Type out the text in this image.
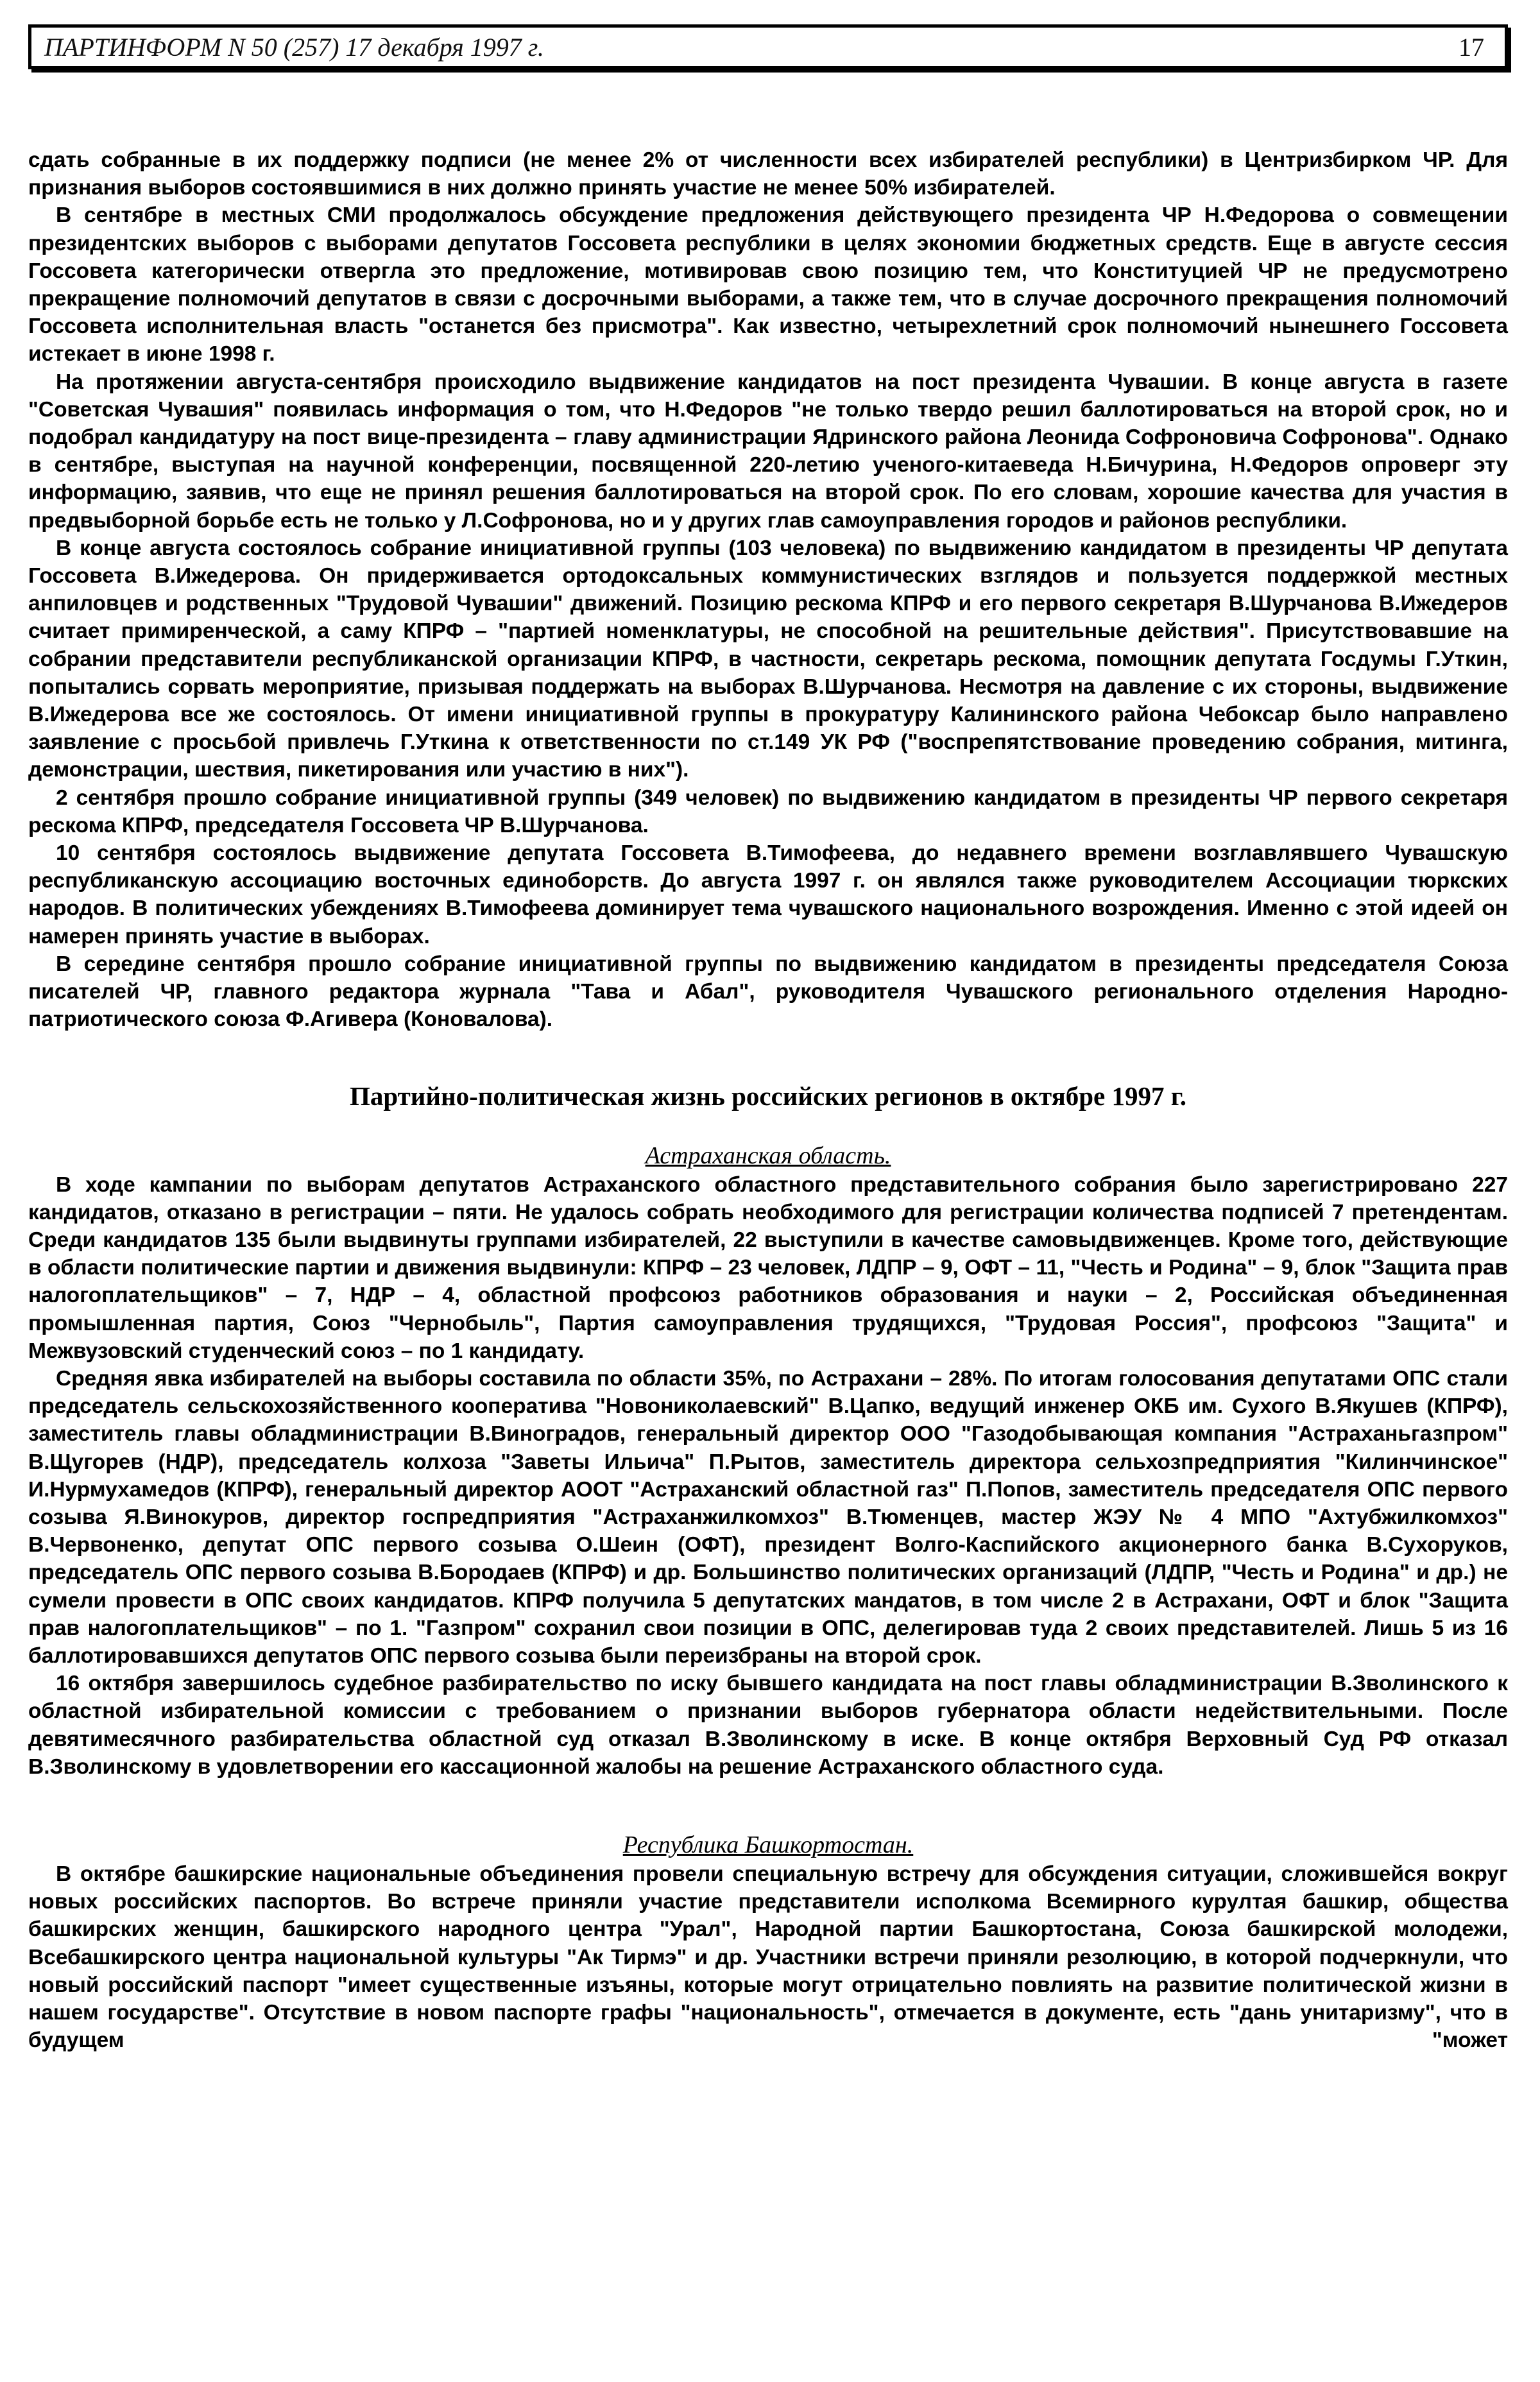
ПАРТИНФОРМ N 50 (257) 17 декабря 1997 г.	17

сдать собранные в их поддержку подписи (не менее 2% от численности всех избирателей республики) в Центризбирком ЧР. Для признания выборов состоявшимися в них должно принять участие не менее 50% избирателей.

В сентябре в местных СМИ продолжалось обсуждение предложения действующего президента ЧР Н.Федорова о совмещении президентских выборов с выборами депутатов Госсовета республики в целях экономии бюджетных средств. Еще в августе сессия Госсовета категорически отвергла это предложение, мотивировав свою позицию тем, что Конституцией ЧР не предусмотрено прекращение полномочий депутатов в связи с досрочными выборами, а также тем, что в случае досрочного прекращения полномочий Госсовета исполнительная власть "останется без присмотра". Как известно, четырехлетний срок полномочий нынешнего Госсовета истекает в июне 1998 г.

На протяжении августа-сентября происходило выдвижение кандидатов на пост президента Чувашии. В конце августа в газете "Советская Чувашия" появилась информация о том, что Н.Федоров "не только твердо решил баллотироваться на второй срок, но и подобрал кандидатуру на пост вице-президента – главу администрации Ядринского района Леонида Софроновича Софронова". Однако в сентябре, выступая на научной конференции, посвященной 220-летию ученого-китаеведа Н.Бичурина, Н.Федоров опроверг эту информацию, заявив, что еще не принял решения баллотироваться на второй срок. По его словам, хорошие качества для участия в предвыборной борьбе есть не только у Л.Софронова, но и у других глав самоуправления городов и районов республики.

В конце августа состоялось собрание инициативной группы (103 человека) по выдвижению кандидатом в президенты ЧР депутата Госсовета В.Ижедерова. Он придерживается ортодоксальных коммунистических взглядов и пользуется поддержкой местных анпиловцев и родственных "Трудовой Чувашии" движений. Позицию рескома КПРФ и его первого секретаря В.Шурчанова В.Ижедеров считает примиренческой, а саму КПРФ – "партией номенклатуры, не способной на решительные действия". Присутствовавшие на собрании представители республиканской организации КПРФ, в частности, секретарь рескома, помощник депутата Госдумы Г.Уткин, попытались сорвать мероприятие, призывая поддержать на выборах В.Шурчанова. Несмотря на давление с их стороны, выдвижение В.Ижедерова все же состоялось. От имени инициативной группы в прокуратуру Калининского района Чебоксар было направлено заявление с просьбой привлечь Г.Уткина к ответственности по ст.149 УК РФ ("воспрепятствование проведению собрания, митинга, демонстрации, шествия, пикетирования или участию в них").

2 сентября прошло собрание инициативной группы (349 человек) по выдвижению кандидатом в президенты ЧР первого секретаря рескома КПРФ, председателя Госсовета ЧР В.Шурчанова.

10 сентября состоялось выдвижение депутата Госсовета В.Тимофеева, до недавнего времени возглавлявшего Чувашскую республиканскую ассоциацию восточных единоборств. До августа 1997 г. он являлся также руководителем Ассоциации тюркских народов. В политических убеждениях В.Тимофеева доминирует тема чувашского национального возрождения. Именно с этой идеей он намерен принять участие в выборах.

В середине сентября прошло собрание инициативной группы по выдвижению кандидатом в президенты председателя Союза писателей ЧР, главного редактора журнала "Тава и Абал", руководителя Чувашского регионального отделения Народно-патриотического союза Ф.Агивера (Коновалова).

Партийно-политическая жизнь российских регионов в октябре 1997 г.
Астраханская область.

В ходе кампании по выборам депутатов Астраханского областного представительного собрания было зарегистрировано 227 кандидатов, отказано в регистрации – пяти. Не удалось собрать необходимого для регистрации количества подписей 7 претендентам. Среди кандидатов 135 были выдвинуты группами избирателей, 22 выступили в качестве самовыдвиженцев. Кроме того, действующие в области политические партии и движения выдвинули: КПРФ – 23 человек, ЛДПР – 9, ОФТ – 11, "Честь и Родина" – 9, блок "Защита прав налогоплательщиков" – 7, НДР – 4, областной профсоюз работников образования и науки – 2, Российская объединенная промышленная партия, Союз "Чернобыль", Партия самоуправления трудящихся, "Трудовая Россия", профсоюз "Защита" и Межвузовский студенческий союз – по 1 кандидату.

Средняя явка избирателей на выборы составила по области 35%, по Астрахани – 28%. По итогам голосования депутатами ОПС стали председатель сельскохозяйственного кооператива "Новониколаевский" В.Цапко, ведущий инженер ОКБ им. Сухого В.Якушев (КПРФ), заместитель главы обладминистрации В.Виноградов, генеральный директор ООО "Газодобывающая компания "Астраханьгазпром" В.Щугорев (НДР), председатель колхоза "Заветы Ильича" П.Рытов, заместитель директора сельхозпредприятия "Килинчинское" И.Нурмухамедов (КПРФ), генеральный директор АООТ "Астраханский областной газ" П.Попов, заместитель председателя ОПС первого созыва Я.Винокуров, директор госпредприятия "Астраханжилкомхоз" В.Тюменцев, мастер ЖЭУ № 4 МПО "Ахтубжилкомхоз" В.Червоненко, депутат ОПС первого созыва О.Шеин (ОФТ), президент Волго-Каспийского акционерного банка В.Сухоруков, председатель ОПС первого созыва В.Бородаев (КПРФ) и др. Большинство политических организаций (ЛДПР, "Честь и Родина" и др.) не сумели провести в ОПС своих кандидатов. КПРФ получила 5 депутатских мандатов, в том числе 2 в Астрахани, ОФТ и блок "Защита прав налогоплательщиков" – по 1. "Газпром" сохранил свои позиции в ОПС, делегировав туда 2 своих представителей. Лишь 5 из 16 баллотировавшихся депутатов ОПС первого созыва были переизбраны на второй срок.

16 октября завершилось судебное разбирательство по иску бывшего кандидата на пост главы обладминистрации В.Зволинского к областной избирательной комиссии с требованием о признании выборов губернатора области недействительными. После девятимесячного разбирательства областной суд отказал В.Зволинскому в иске. В конце октября Верховный Суд РФ отказал В.Зволинскому в удовлетворении его кассационной жалобы на решение Астраханского областного суда.

Республика Башкортостан.

В октябре башкирские национальные объединения провели специальную встречу для обсуждения ситуации, сложившейся вокруг новых российских паспортов. Во встрече приняли участие представители исполкома Всемирного курултая башкир, общества башкирских женщин, башкирского народного центра "Урал", Народной партии Башкортостана, Союза башкирской молодежи, Всебашкирского центра национальной культуры "Ак Тирмэ" и др. Участники встречи приняли резолюцию, в которой подчеркнули, что новый российский паспорт "имеет существенные изъяны, которые могут отрицательно повлиять на развитие политической жизни в нашем государстве". Отсутствие в новом паспорте графы "национальность", отмечается в документе, есть "дань унитаризму", что в будущем "может
